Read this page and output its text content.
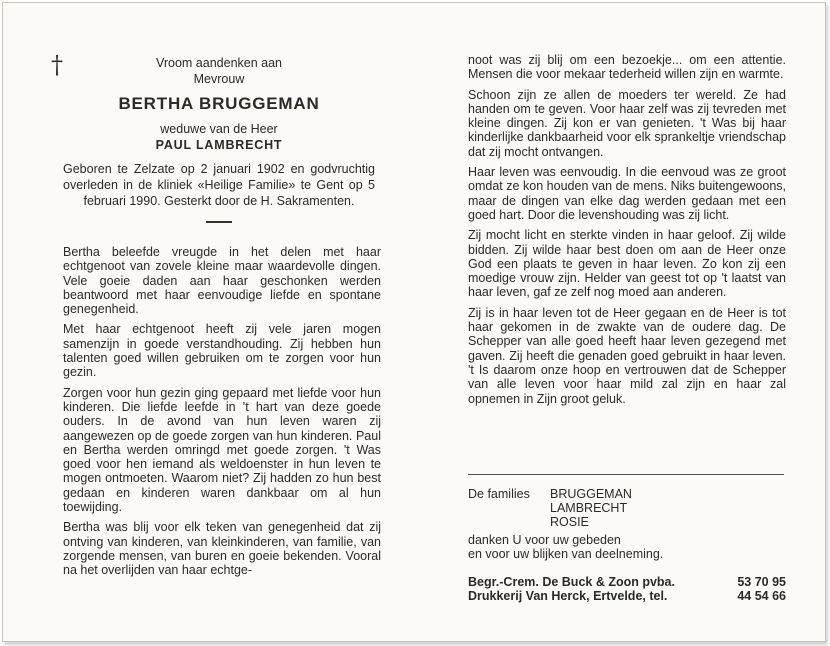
†	Vroom aandenken aan
Mevrouw
BERTHA BRUGGEMAN
weduwe van de Heer
PAUL LAMBRECHT
Geboren te Zelzate op 2 januari 1902 en godvruchtig overleden in de kliniek «Heilige Familie» te Gent op 5 februari 1990. Gesterkt door de H. Sakramenten.

Bertha beleefde vreugde in het delen met haar echtgenoot van zovele kleine maar waardevolle dingen. Vele goeie daden aan haar geschonken werden beantwoord met haar eenvoudige liefde en spontane genegenheid.

Met haar echtgenoot heeft zij vele jaren mogen samenzijn in goede verstandhouding. Zij hebben hun talenten goed willen gebruiken om te zorgen voor hun gezin.

Zorgen voor hun gezin ging gepaard met liefde voor hun kinderen. Die liefde leefde in 't hart van deze goede ouders. In de avond van hun leven waren zij aangewezen op de goede zorgen van hun kinderen. Paul en Bertha werden omringd met goede zorgen. 't Was goed voor hen iemand als weldoenster in hun leven te mogen ontmoeten. Waarom niet? Zij hadden zo hun best gedaan en kinderen waren dankbaar om al hun toewijding.

Bertha was blij voor elk teken van genegenheid dat zij ontving van kinderen, van kleinkinderen, van familie, van zorgende mensen, van buren en goeie bekenden. Vooral na het overlijden van haar echtge-

noot was zij blij om een bezoekje... om een attentie. Mensen die voor mekaar tederheid willen zijn en warmte.

Schoon zijn ze allen de moeders ter wereld. Ze had handen om te geven. Voor haar zelf was zij tevreden met kleine dingen. Zij kon er van genieten. 't Was bij haar kinderlijke dankbaarheid voor elk sprankeltje vriendschap dat zij mocht ontvangen.

Haar leven was eenvoudig. In die eenvoud was ze groot omdat ze kon houden van de mens. Niks buitengewoons, maar de dingen van elke dag werden gedaan met een goed hart. Door die levenshouding was zij licht.

Zij mocht licht en sterkte vinden in haar geloof. Zij wilde bidden. Zij wilde haar best doen om aan de Heer onze God een plaats te geven in haar leven. Zo kon zij een moedige vrouw zijn. Helder van geest tot op 't laatst van haar leven, gaf ze zelf nog moed aan anderen.

Zij is in haar leven tot de Heer gegaan en de Heer is tot haar gekomen in de zwakte van de oudere dag. De Schepper van alle goed heeft haar leven gezegend met gaven. Zij heeft die genaden goed gebruikt in haar leven. 't Is daarom onze hoop en vertrouwen dat de Schepper van alle leven voor haar mild zal zijn en haar zal opnemen in Zijn groot geluk.

De families	BRUGGEMAN
LAMBRECHT
ROSIE
danken U voor uw gebeden
en voor uw blijken van deelneming.
Begr.-Crem. De Buck & Zoon pvba.	53 70 95
Drukkerij Van Herck, Ertvelde, tel.	44 54 66
